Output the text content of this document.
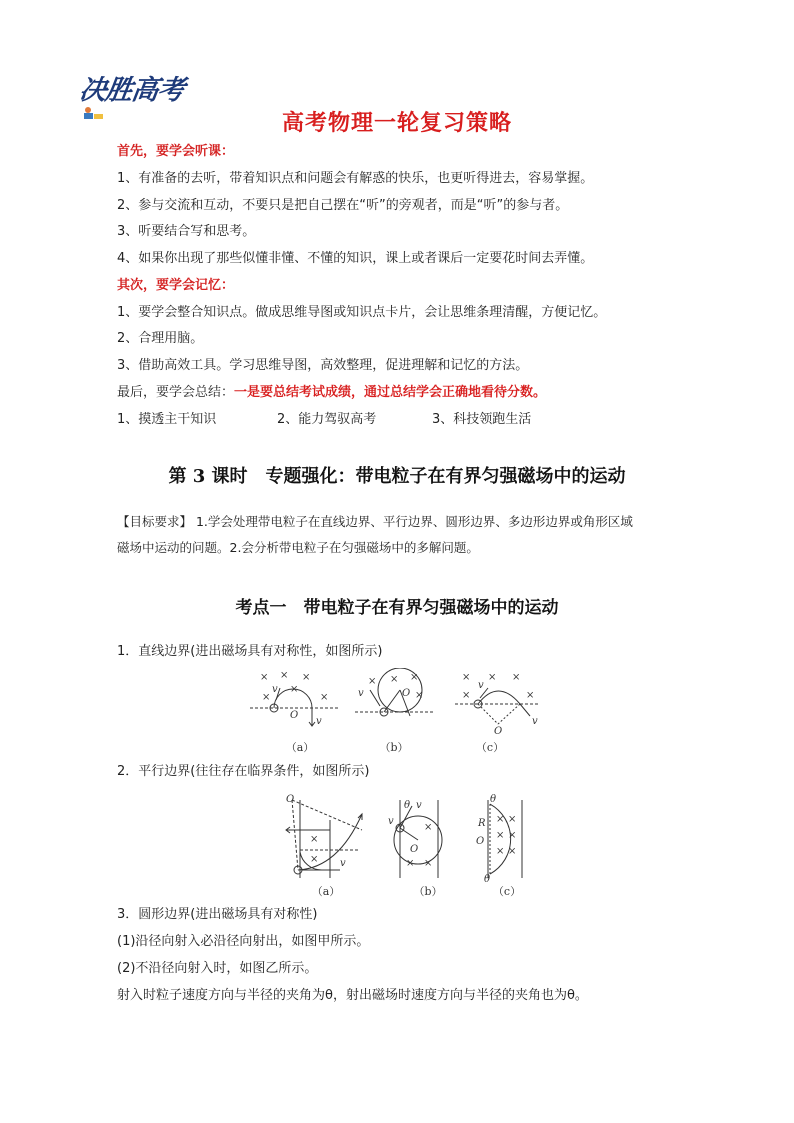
决胜高考
高考物理一轮复习策略
首先，要学会听课：
1、有准备的去听，带着知识点和问题会有解惑的快乐，也更听得进去，容易掌握。
2、参与交流和互动，不要只是把自己摆在“听”的旁观者，而是“听”的参与者。
3、听要结合写和思考。
4、如果你出现了那些似懂非懂、不懂的知识，课上或者课后一定要花时间去弄懂。
其次，要学会记忆：
1、要学会整合知识点。做成思维导图或知识点卡片，会让思维条理清醒，方便记忆。
2、合理用脑。
3、借助高效工具。学习思维导图，高效整理，促进理解和记忆的方法。
最后，要学会总结：一是要总结考试成绩，通过总结学会正确地看待分数。
1、摸透主干知识	2、能力驾驭高考	3、科技领跑生活
第 3 课时　专题强化：带电粒子在有界匀强磁场中的运动
【目标要求】 1.学会处理带电粒子在直线边界、平行边界、圆形边界、多边形边界或角形区域
磁场中运动的问题。2.会分析带电粒子在匀强磁场中的多解问题。
考点一　带电粒子在有界匀强磁场中的运动
1．直线边界(进出磁场具有对称性，如图所示)
× × ×
×	×
×
v
O
v
×	×
×
×
v	O
× × ×
×	×
v
O
v
（a）	（b）	（c）
2．平行边界(往往存在临界条件，如图所示)
O
×
× v
v
θ v
O
× ×
×
θ
R
O
θ
× ×
× ×
× ×
（a）	（b）	（c）
3．圆形边界(进出磁场具有对称性)
(1)沿径向射入必沿径向射出，如图甲所示。
(2)不沿径向射入时，如图乙所示。
射入时粒子速度方向与半径的夹角为θ，射出磁场时速度方向与半径的夹角也为θ。
